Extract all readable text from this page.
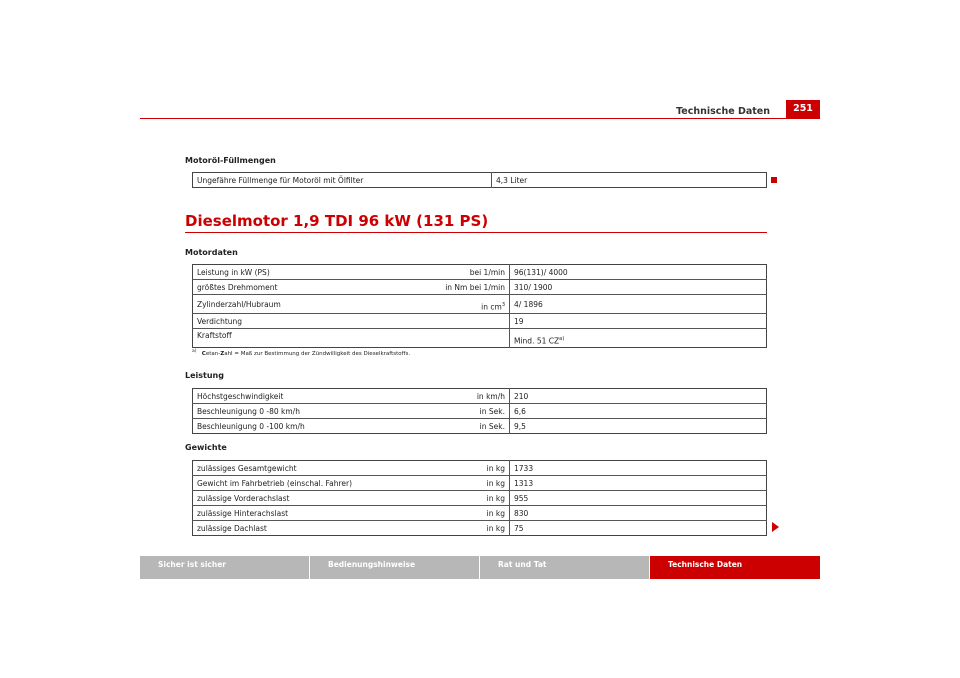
Technische Daten	251
Motoröl-Füllmengen
Ungefähre Füllmenge für Motoröl mit Ölfilter	4,3 Liter
Dieselmotor 1,9 TDI 96 kW (131 PS)
Motordaten
Leistung in kW (PS)	bei 1/min	96(131)/ 4000
größtes Drehmoment	in Nm bei 1/min	310/ 1900
Zylinderzahl/Hubraum	in $cm^3$	4/ 1896
Verdichtung		19
Kraftstoff		Mind. 51 CZ$^{a)}$
$^{a)}$ Cetan-Zahl = Maß zur Bestimmung der Zündwilligkeit des Dieselkraftstoffs.
Leistung
Höchstgeschwindigkeit	in km/h	210
Beschleunigung 0 -80 km/h	in Sek.	6,6
Beschleunigung 0 -100 km/h	in Sek.	9,5
Gewichte
zulässiges Gesamtgewicht	in kg	1733
Gewicht im Fahrbetrieb (einschal. Fahrer)	in kg	1313
zulässige Vorderachslast	in kg	955
zulässige Hinterachslast	in kg	830
zulässige Dachlast	in kg	75
Sicher ist sicher	Bedienungshinweise	Rat und Tat	Technische Daten
